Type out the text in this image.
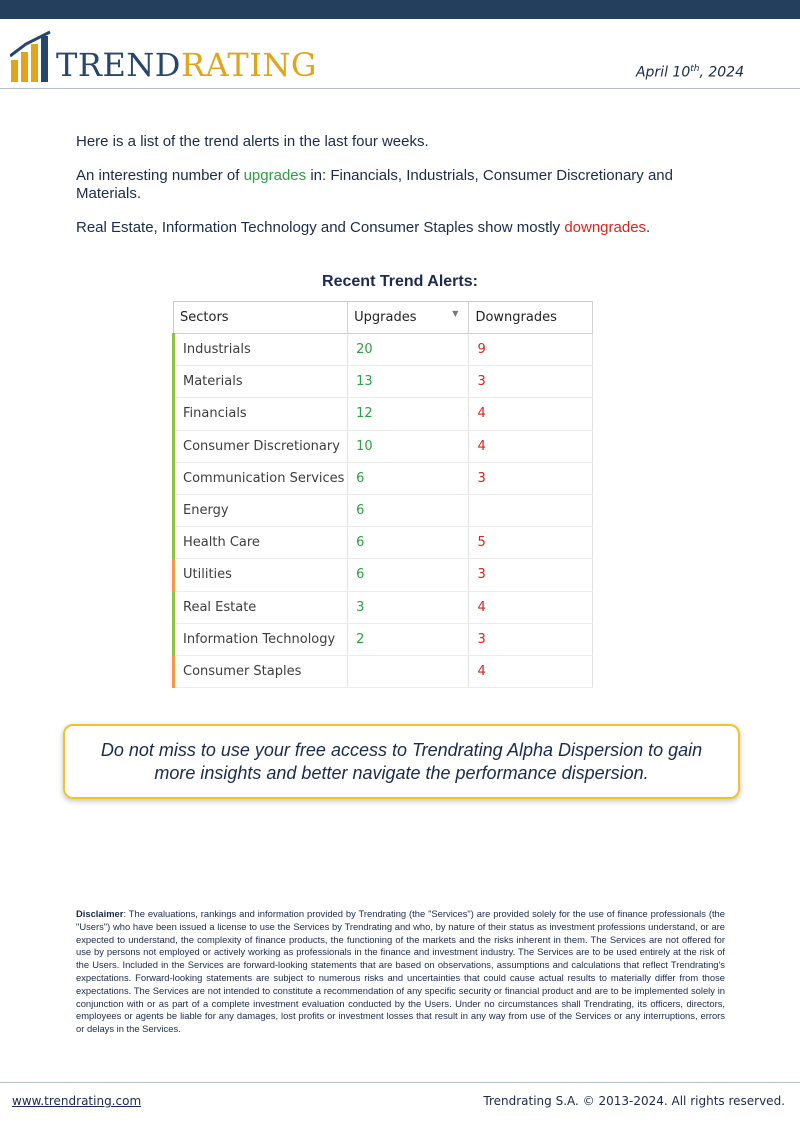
TRENDRATING	April 10th, 2024

Here is a list of the trend alerts in the last four weeks.

An interesting number of upgrades in: Financials, Industrials, Consumer Discretionary and Materials.

Real Estate, Information Technology and Consumer Staples show mostly downgrades.

Recent Trend Alerts:
Sectors	Upgrades ▼	Downgrades
Industrials	20	9
Materials	13	3
Financials	12	4
Consumer Discretionary	10	4
Communication Services	6	3
Energy	6	
Health Care	6	5
Utilities	6	3
Real Estate	3	4
Information Technology	2	3
Consumer Staples		4
Do not miss to use your free access to Trendrating Alpha Dispersion to gain more insights and better navigate the performance dispersion.
Disclaimer: The evaluations, rankings and information provided by Trendrating (the "Services") are provided solely for the use of finance professionals (the "Users") who have been issued a license to use the Services by Trendrating and who, by nature of their status as investment professions understand, or are expected to understand, the complexity of finance products, the functioning of the markets and the risks inherent in them. The Services are not offered for use by persons not employed or actively working as professionals in the finance and investment industry. The Services are to be used entirely at the risk of the Users. Included in the Services are forward-looking statements that are based on observations, assumptions and calculations that reflect Trendrating's expectations. Forward-looking statements are subject to numerous risks and uncertainties that could cause actual results to materially differ from those expectations. The Services are not intended to constitute a recommendation of any specific security or financial product and are to be implemented solely in conjunction with or as part of a complete investment evaluation conducted by the Users. Under no circumstances shall Trendrating, its officers, directors, employees or agents be liable for any damages, lost profits or investment losses that result in any way from use of the Services or any interruptions, errors or delays in the Services.
www.trendrating.com	Trendrating S.A. © 2013-2024. All rights reserved.
